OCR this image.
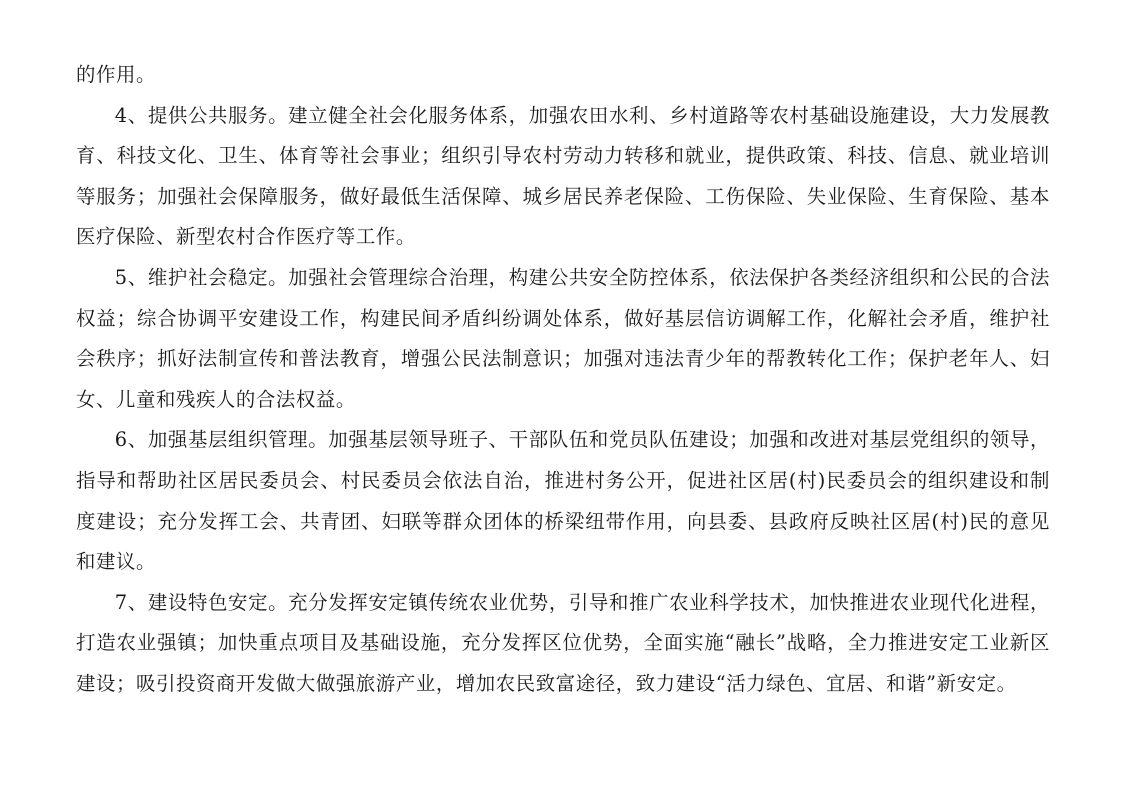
的作用。

4、提供公共服务。建立健全社会化服务体系，加强农田水利、乡村道路等农村基础设施建设，大力发展教育、科技文化、卫生、体育等社会事业；组织引导农村劳动力转移和就业，提供政策、科技、信息、就业培训等服务；加强社会保障服务，做好最低生活保障、城乡居民养老保险、工伤保险、失业保险、生育保险、基本医疗保险、新型农村合作医疗等工作。

5、维护社会稳定。加强社会管理综合治理，构建公共安全防控体系，依法保护各类经济组织和公民的合法权益；综合协调平安建设工作，构建民间矛盾纠纷调处体系，做好基层信访调解工作，化解社会矛盾，维护社会秩序；抓好法制宣传和普法教育，增强公民法制意识；加强对违法青少年的帮教转化工作；保护老年人、妇女、儿童和残疾人的合法权益。

6、加强基层组织管理。加强基层领导班子、干部队伍和党员队伍建设；加强和改进对基层党组织的领导，指导和帮助社区居民委员会、村民委员会依法自治，推进村务公开，促进社区居(村)民委员会的组织建设和制度建设；充分发挥工会、共青团、妇联等群众团体的桥梁纽带作用，向县委、县政府反映社区居(村)民的意见和建议。

7、建设特色安定。充分发挥安定镇传统农业优势，引导和推广农业科学技术，加快推进农业现代化进程，打造农业强镇；加快重点项目及基础设施，充分发挥区位优势，全面实施“融长”战略，全力推进安定工业新区建设；吸引投资商开发做大做强旅游产业，增加农民致富途径，致力建设“活力绿色、宜居、和谐”新安定。
